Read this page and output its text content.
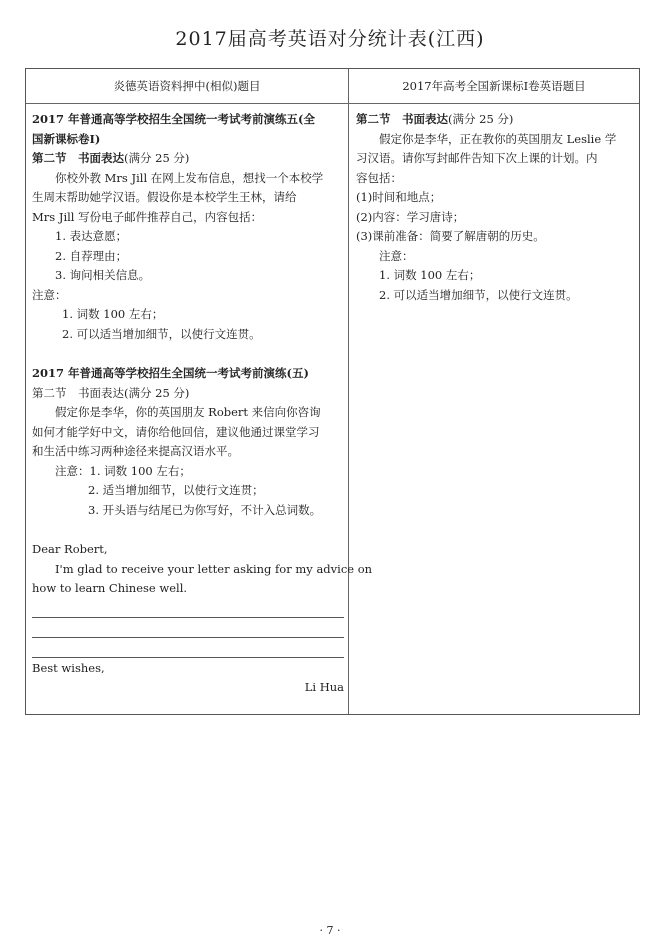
2017届高考英语对分统计表(江西)
炎德英语资料押中(相似)题目	2017年高考全国新课标Ⅰ卷英语题目
2017 年普通高等学校招生全国统一考试考前演练五(全
国新课标卷Ⅰ)
第二节　书面表达(满分 25 分)
你校外教 Mrs Jill 在网上发布信息，想找一个本校学
生周末帮助她学汉语。假设你是本校学生王林，请给
Mrs Jill 写份电子邮件推荐自己，内容包括：
1. 表达意愿；
2. 自荐理由；
3. 询问相关信息。
注意：
1. 词数 100 左右；
2. 可以适当增加细节，以使行文连贯。
2017 年普通高等学校招生全国统一考试考前演练(五)
第二节　书面表达(满分 25 分)
假定你是李华，你的英国朋友 Robert 来信向你咨询
如何才能学好中文，请你给他回信，建议他通过课堂学习
和生活中练习两种途径来提高汉语水平。
注意：1. 词数 100 左右；
2. 适当增加细节，以使行文连贯；
3. 开头语与结尾已为你写好，不计入总词数。
Dear Robert,
I'm glad to receive your letter asking for my advice on
how to learn Chinese well.
Best wishes,
Li Hua
第二节　书面表达(满分 25 分)
假定你是李华，正在教你的英国朋友 Leslie 学
习汉语。请你写封邮件告知下次上课的计划。内
容包括：
(1)时间和地点；
(2)内容：学习唐诗；
(3)课前准备：简要了解唐朝的历史。
注意：
1. 词数 100 左右；
2. 可以适当增加细节，以使行文连贯。
· 7 ·
